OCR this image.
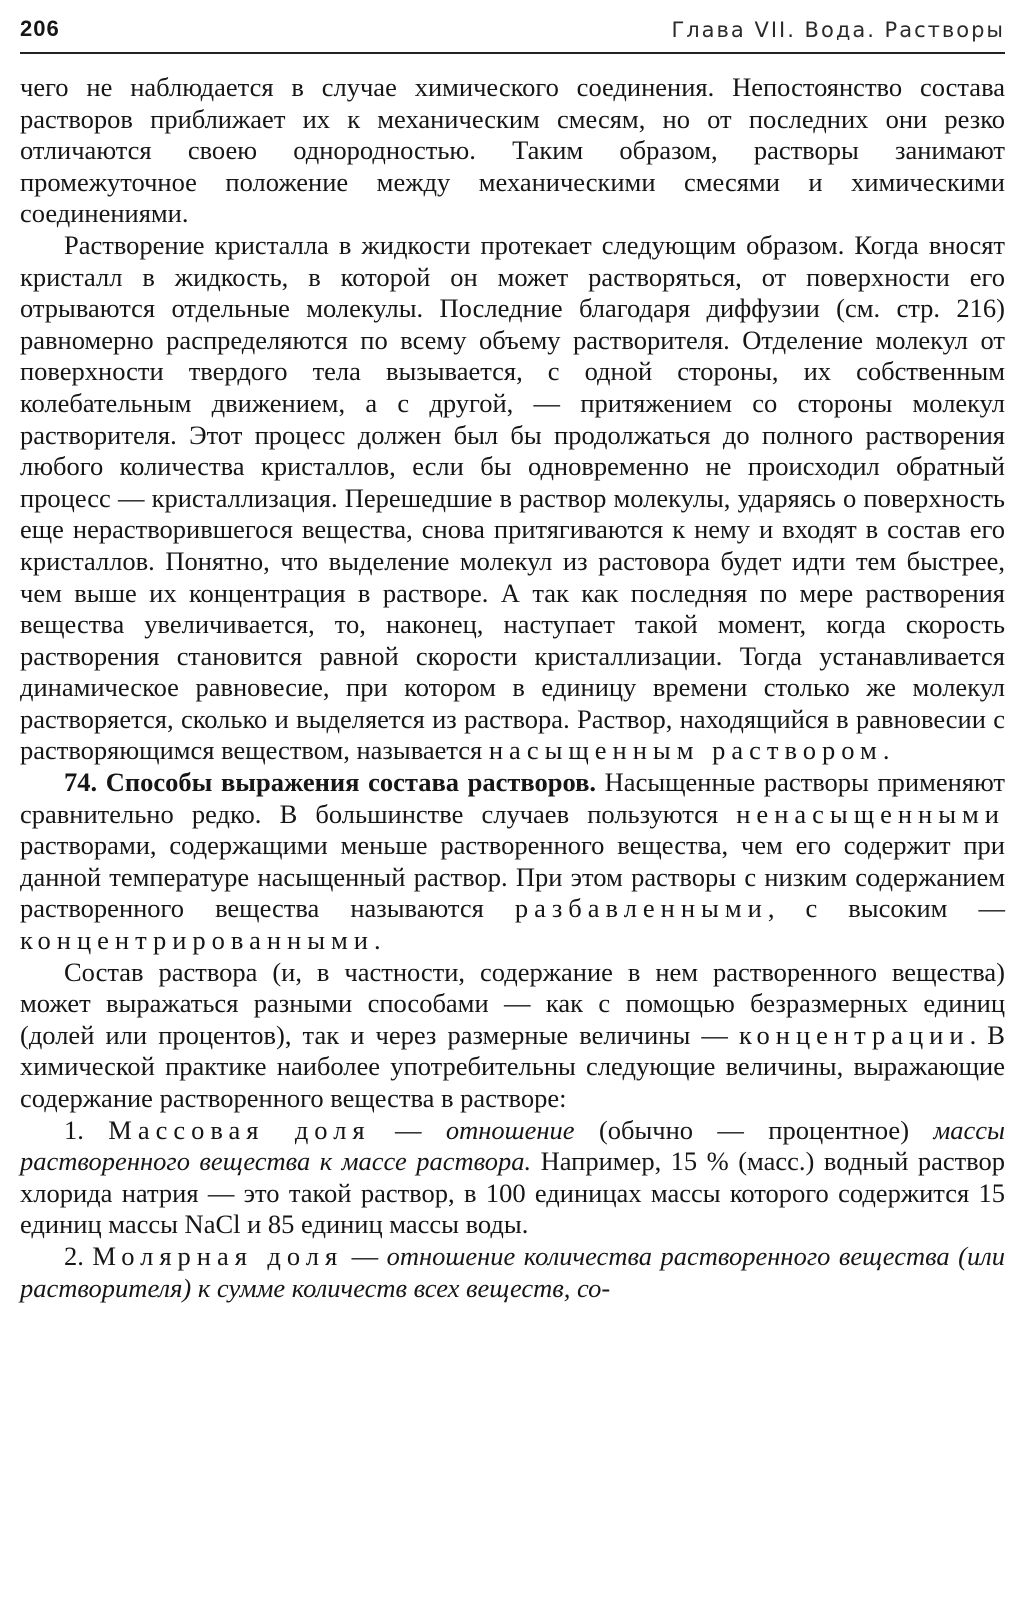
206	Глава VII. Вода. Растворы

чего не наблюдается в случае химического соединения. Непостоянство состава растворов приближает их к механическим смесям, но от последних они резко отличаются своею однородностью. Таким образом, растворы занимают промежуточное положение между механическими смесями и химическими соединениями.

Растворение кристалла в жидкости протекает следующим образом. Когда вносят кристалл в жидкость, в которой он может растворяться, от поверхности его отрываются отдельные молекулы. Последние благодаря диффузии (см. стр. 216) равномерно распределяются по всему объему растворителя. Отделение молекул от поверхности твердого тела вызывается, с одной стороны, их собственным колебательным движением, а с другой, — притяжением со стороны молекул растворителя. Этот процесс должен был бы продолжаться до полного растворения любого количества кристаллов, если бы одновременно не происходил обратный процесс — кристаллизация. Перешедшие в раствор молекулы, ударяясь о поверхность еще нерастворившегося вещества, снова притягиваются к нему и входят в состав его кристаллов. Понятно, что выделение молекул из растовора будет идти тем быстрее, чем выше их концентрация в растворе. А так как последняя по мере растворения вещества увеличивается, то, наконец, наступает такой момент, когда скорость растворения становится равной скорости кристаллизации. Тогда устанавливается динамическое равновесие, при котором в единицу времени столько же молекул растворяется, сколько и выделяется из раствора. Раствор, находящийся в равновесии с растворяющимся веществом, называется насыщенным раствором.

74. Способы выражения состава растворов. Насыщенные растворы применяют сравнительно редко. В большинстве случаев пользуются ненасыщенными растворами, содержащими меньше растворенного вещества, чем его содержит при данной температуре насыщенный раствор. При этом растворы с низким содержанием растворенного вещества называются разбавленными, с высоким — концентрированными.

Состав раствора (и, в частности, содержание в нем растворенного вещества) может выражаться разными способами — как с помощью безразмерных единиц (долей или процентов), так и через размерные величины — концентрации. В химической практике наиболее употребительны следующие величины, выражающие содержание растворенного вещества в растворе:

1. Массовая доля — отношение (обычно — процентное) массы растворенного вещества к массе раствора. Например, 15 % (масс.) водный раствор хлорида натрия — это такой раствор, в 100 единицах массы которого содержится 15 единиц массы NaCl и 85 единиц массы воды.

2. Молярная доля — отношение количества растворенного вещества (или растворителя) к сумме количеств всех веществ, со-
